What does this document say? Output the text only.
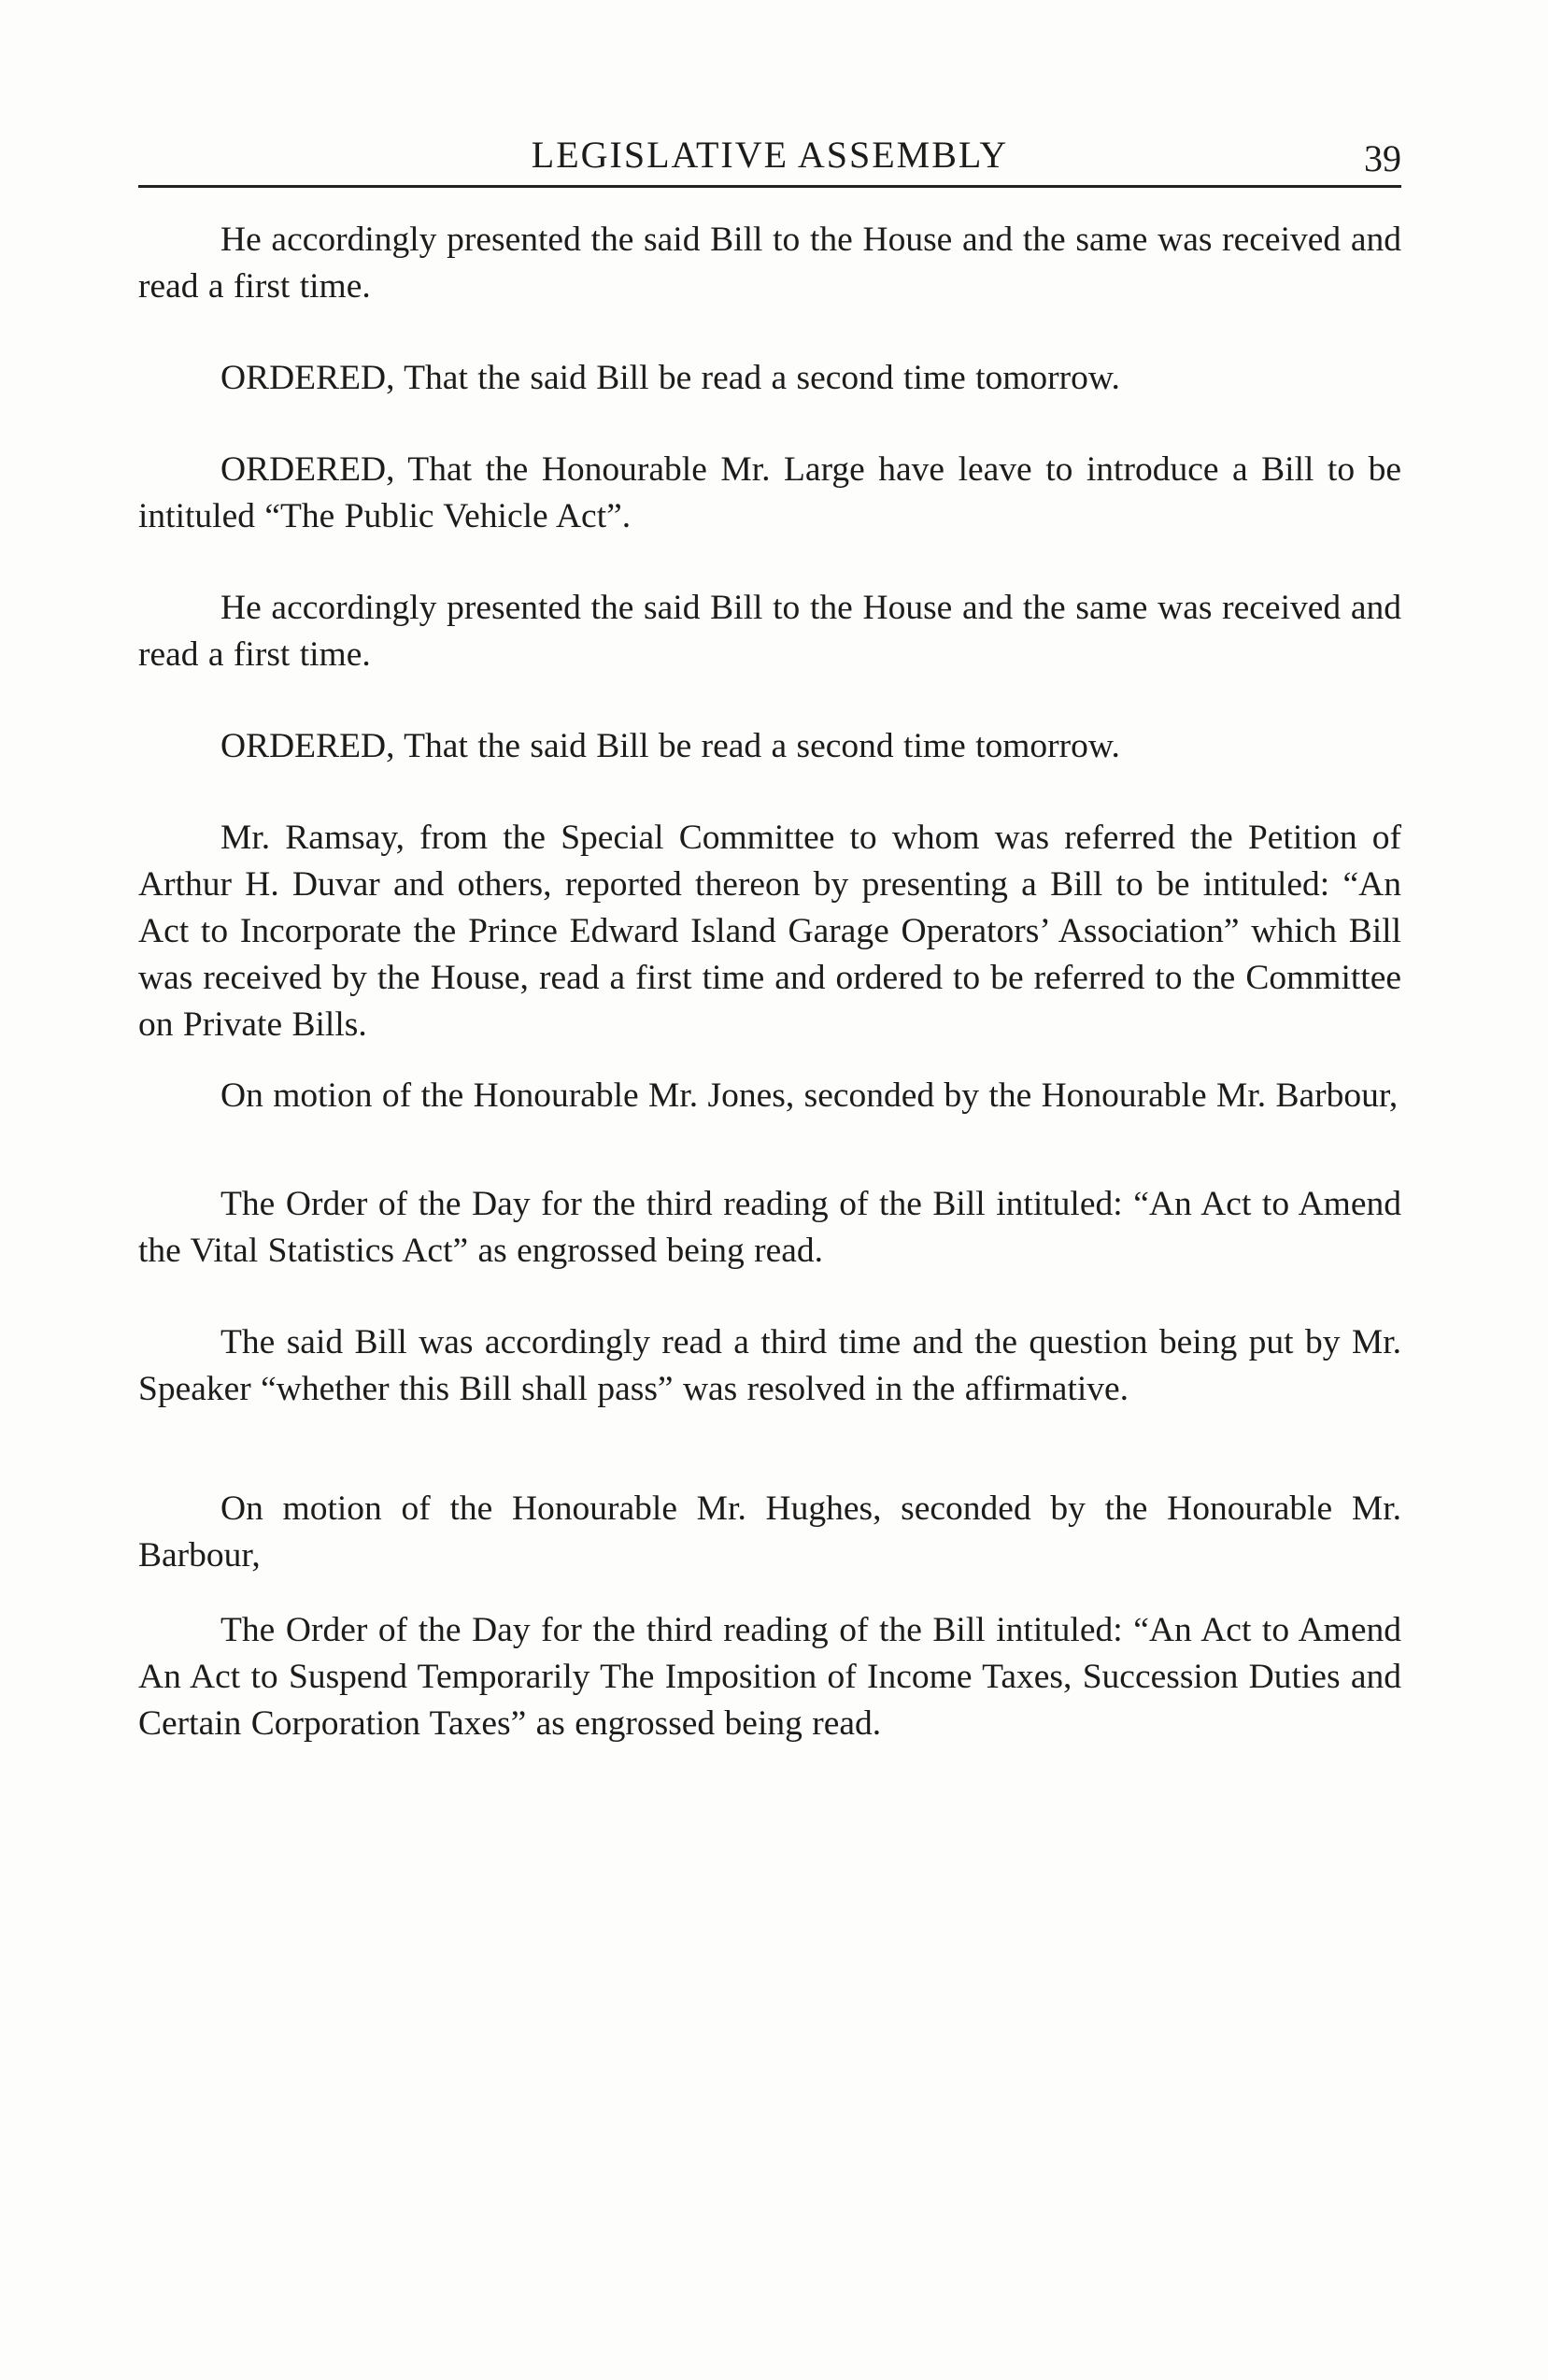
LEGISLATIVE ASSEMBLY	39

He accordingly presented the said Bill to the House and the same was received and read a first time.

ORDERED, That the said Bill be read a second time tomorrow.

ORDERED, That the Honourable Mr. Large have leave to introduce a Bill to be intituled “The Public Vehicle Act”.

He accordingly presented the said Bill to the House and the same was received and read a first time.

ORDERED, That the said Bill be read a second time tomorrow.

Mr. Ramsay, from the Special Committee to whom was referred the Petition of Arthur H. Duvar and others, reported thereon by presenting a Bill to be intituled: “An Act to Incorporate the Prince Edward Island Garage Operators’ Association” which Bill was received by the House, read a first time and ordered to be referred to the Committee on Private Bills.

On motion of the Honourable Mr. Jones, seconded by the Honourable Mr. Barbour,

The Order of the Day for the third reading of the Bill intituled: “An Act to Amend the Vital Statistics Act” as engrossed being read.

The said Bill was accordingly read a third time and the question being put by Mr. Speaker “whether this Bill shall pass” was resolved in the affirmative.

On motion of the Honourable Mr. Hughes, seconded by the Honourable Mr. Barbour,

The Order of the Day for the third reading of the Bill intituled: “An Act to Amend An Act to Suspend Temporarily The Imposition of Income Taxes, Succession Duties and Certain Corporation Taxes” as engrossed being read.
